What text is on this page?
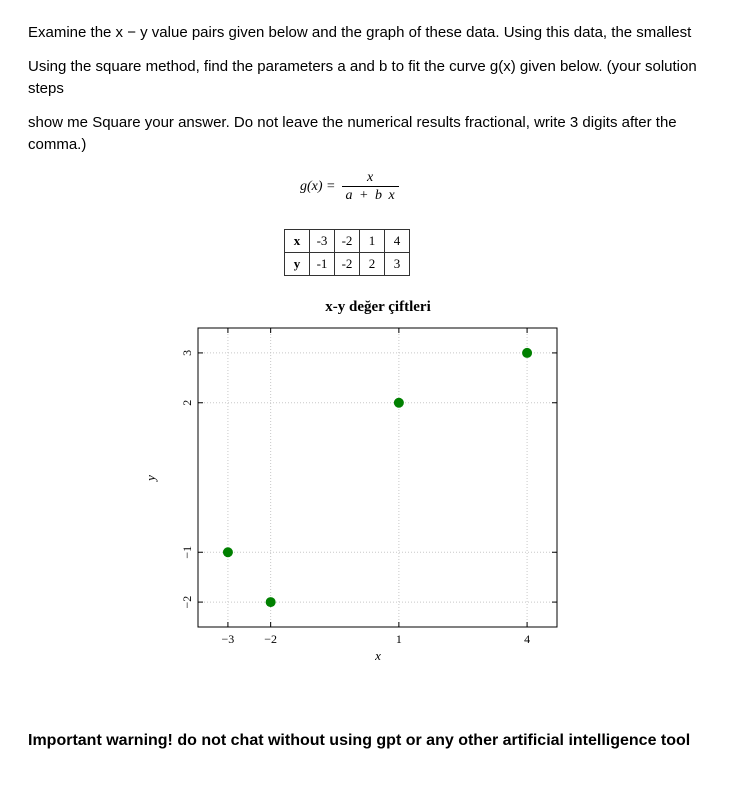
Examine the x − y value pairs given below and the graph of these data. Using this data, the smallest
Using the square method, find the parameters a and b to fit the curve g(x) given below. (your solution steps
show me Square your answer. Do not leave the numerical results fractional, write 3 digits after the comma.)
$g(x) = \frac{x}{\text{a + b x}}$
x	-3	-2	1	4
y	-1	-2	2	3
x-y değer çiftleri
−3 −2	1	4
−2
−1
2
3
x
y
Important warning! do not chat without using gpt or any other artificial intelligence tool
